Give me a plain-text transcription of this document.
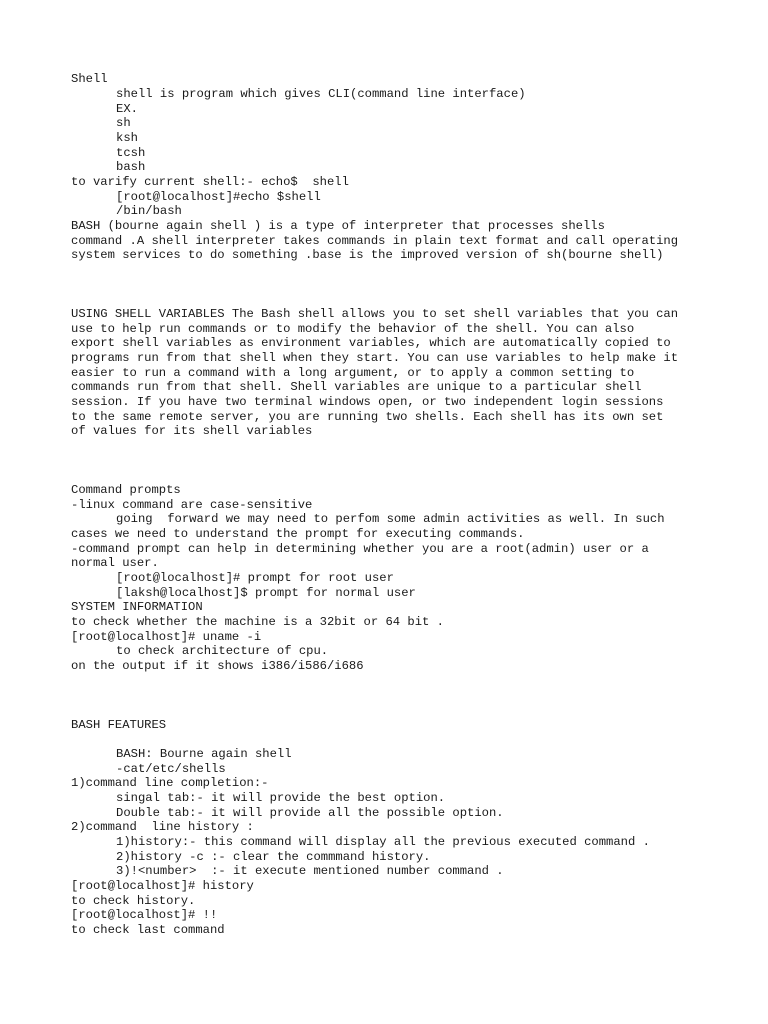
Shell
shell is program which gives CLI(command line interface)
EX.
sh
ksh
tcsh
bash
to varify current shell:- echo$  shell
[root@localhost]#echo $shell
/bin/bash
BASH (bourne again shell ) is a type of interpreter that processes shells
command .A shell interpreter takes commands in plain text format and call operating
system services to do something .base is the improved version of sh(bourne shell)
USING SHELL VARIABLES The Bash shell allows you to set shell variables that you can
use to help run commands or to modify the behavior of the shell. You can also
export shell variables as environment variables, which are automatically copied to
programs run from that shell when they start. You can use variables to help make it
easier to run a command with a long argument, or to apply a common setting to
commands run from that shell. Shell variables are unique to a particular shell
session. If you have two terminal windows open, or two independent login sessions
to the same remote server, you are running two shells. Each shell has its own set
of values for its shell variables
Command prompts
-linux command are case-sensitive
going  forward we may need to perfom some admin activities as well. In such
cases we need to understand the prompt for executing commands.
-command prompt can help in determining whether you are a root(admin) user or a
normal user.
[root@localhost]# prompt for root user
[laksh@localhost]$ prompt for normal user
SYSTEM INFORMATION
to check whether the machine is a 32bit or 64 bit .
[root@localhost]# uname -i
to check architecture of cpu.
on the output if it shows i386/i586/i686
BASH FEATURES
BASH: Bourne again shell
-cat/etc/shells
1)command line completion:-
singal tab:- it will provide the best option.
Double tab:- it will provide all the possible option.
2)command  line history :
1)history:- this command will display all the previous executed command .
2)history -c :- clear the commmand history.
3)!<number>  :- it execute mentioned number command .
[root@localhost]# history
to check history.
[root@localhost]# !!
to check last command
